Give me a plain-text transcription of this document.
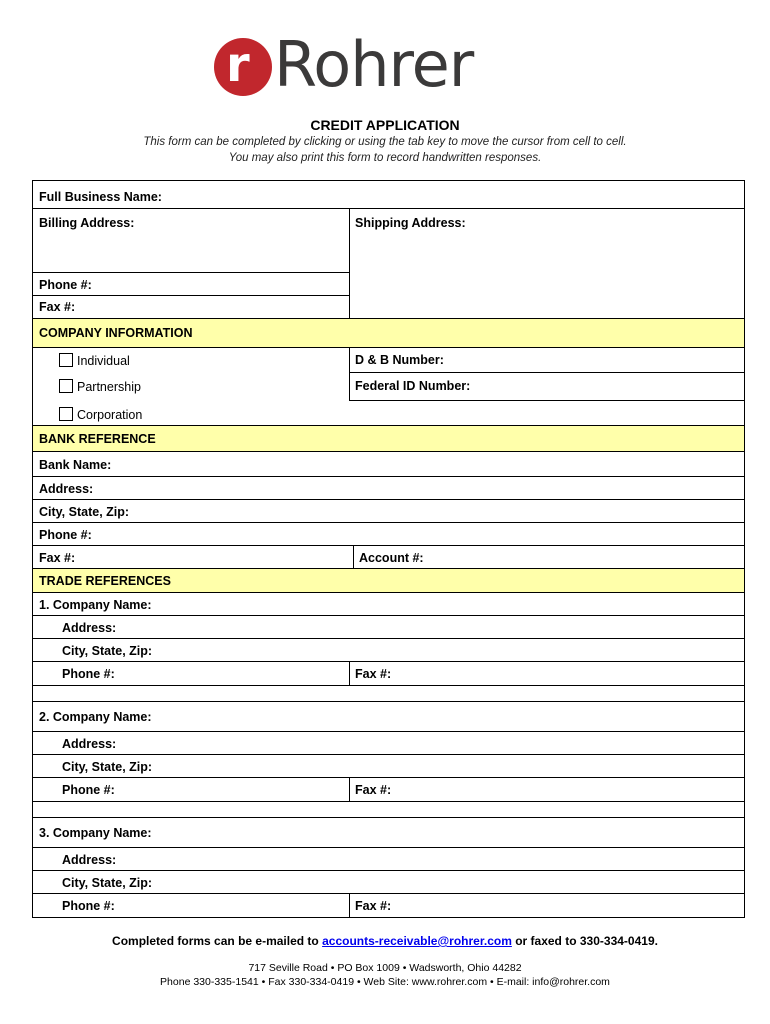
r Rohrer
CREDIT APPLICATION
This form can be completed by clicking or using the tab key to move the cursor from cell to cell.
You may also print this form to record handwritten responses.
Full Business Name:
Billing Address:	Shipping Address:
Phone #:
Fax #:
COMPANY INFORMATION
Individual	D & B Number:
Partnership	Federal ID Number:
Corporation
BANK REFERENCE
Bank Name:
Address:
City, State, Zip:
Phone #:
Fax #:	Account #:
TRADE REFERENCES
1. Company Name:
Address:
City, State, Zip:
Phone #:	Fax #:
2. Company Name:
Address:
City, State, Zip:
Phone #:	Fax #:
3. Company Name:
Address:
City, State, Zip:
Phone #:	Fax #:
Completed forms can be e-mailed to accounts-receivable@rohrer.com or faxed to 330-334-0419.
717 Seville Road • PO Box 1009 • Wadsworth, Ohio 44282
Phone 330-335-1541 • Fax 330-334-0419 • Web Site: www.rohrer.com • E-mail: info@rohrer.com
